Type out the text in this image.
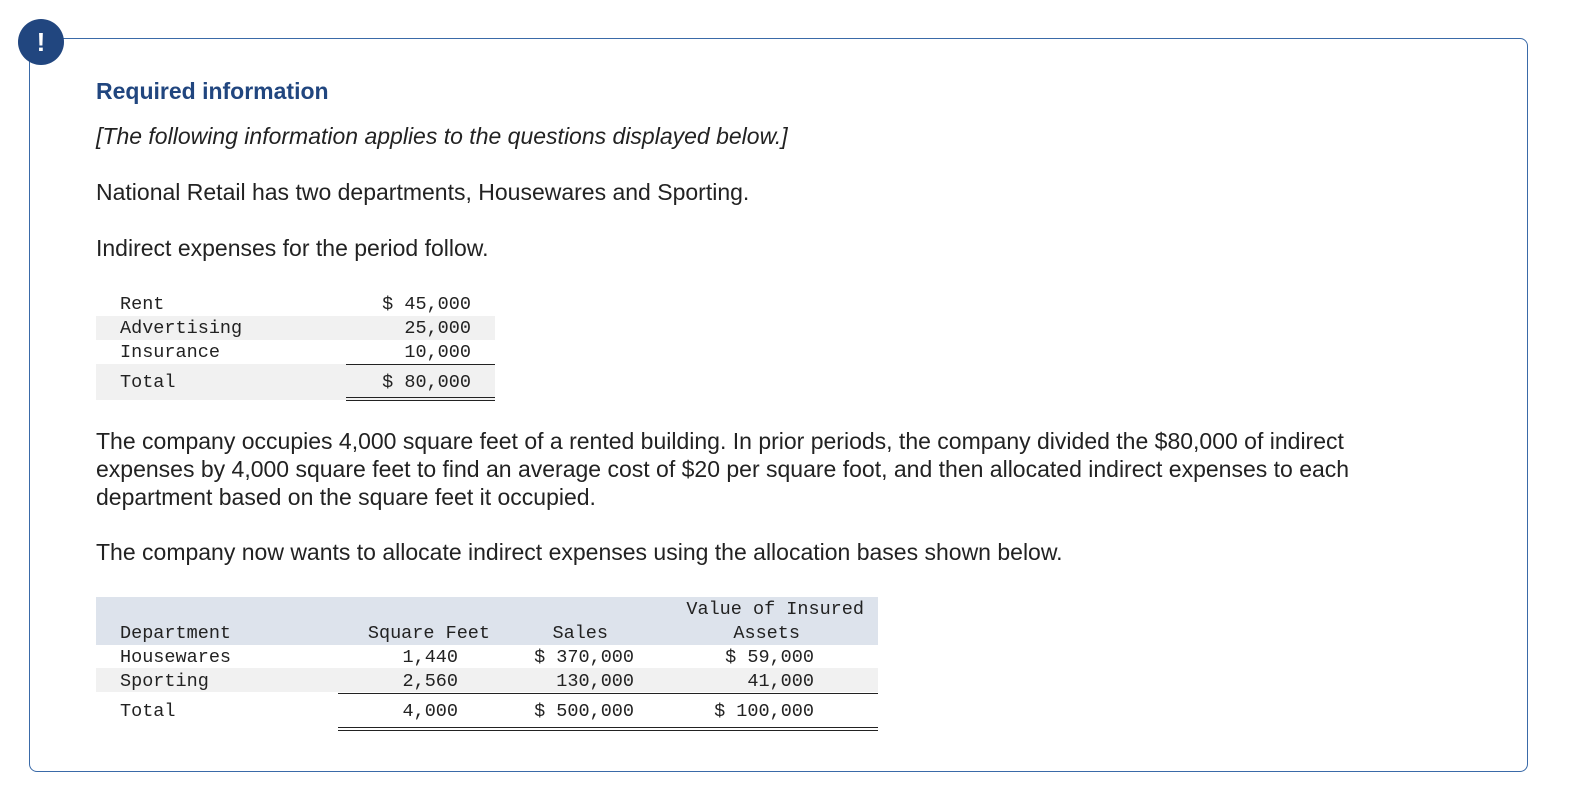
!
Required information
[The following information applies to the questions displayed below.]
National Retail has two departments, Housewares and Sporting.
Indirect expenses for the period follow.
Rent	$ 45,000
Advertising	25,000
Insurance	10,000
Total	$ 80,000
The company occupies 4,000 square feet of a rented building. In prior periods, the company divided the $80,000 of indirect expenses by 4,000 square feet to find an average cost of $20 per square foot, and then allocated indirect expenses to each department based on the square feet it occupied.
The company now wants to allocate indirect expenses using the allocation bases shown below.
Value of Insured
Department	Square Feet	Sales	Assets
Housewares	1,440	$ 370,000	$ 59,000
Sporting	2,560	130,000	41,000
Total	4,000	$ 500,000	$ 100,000
